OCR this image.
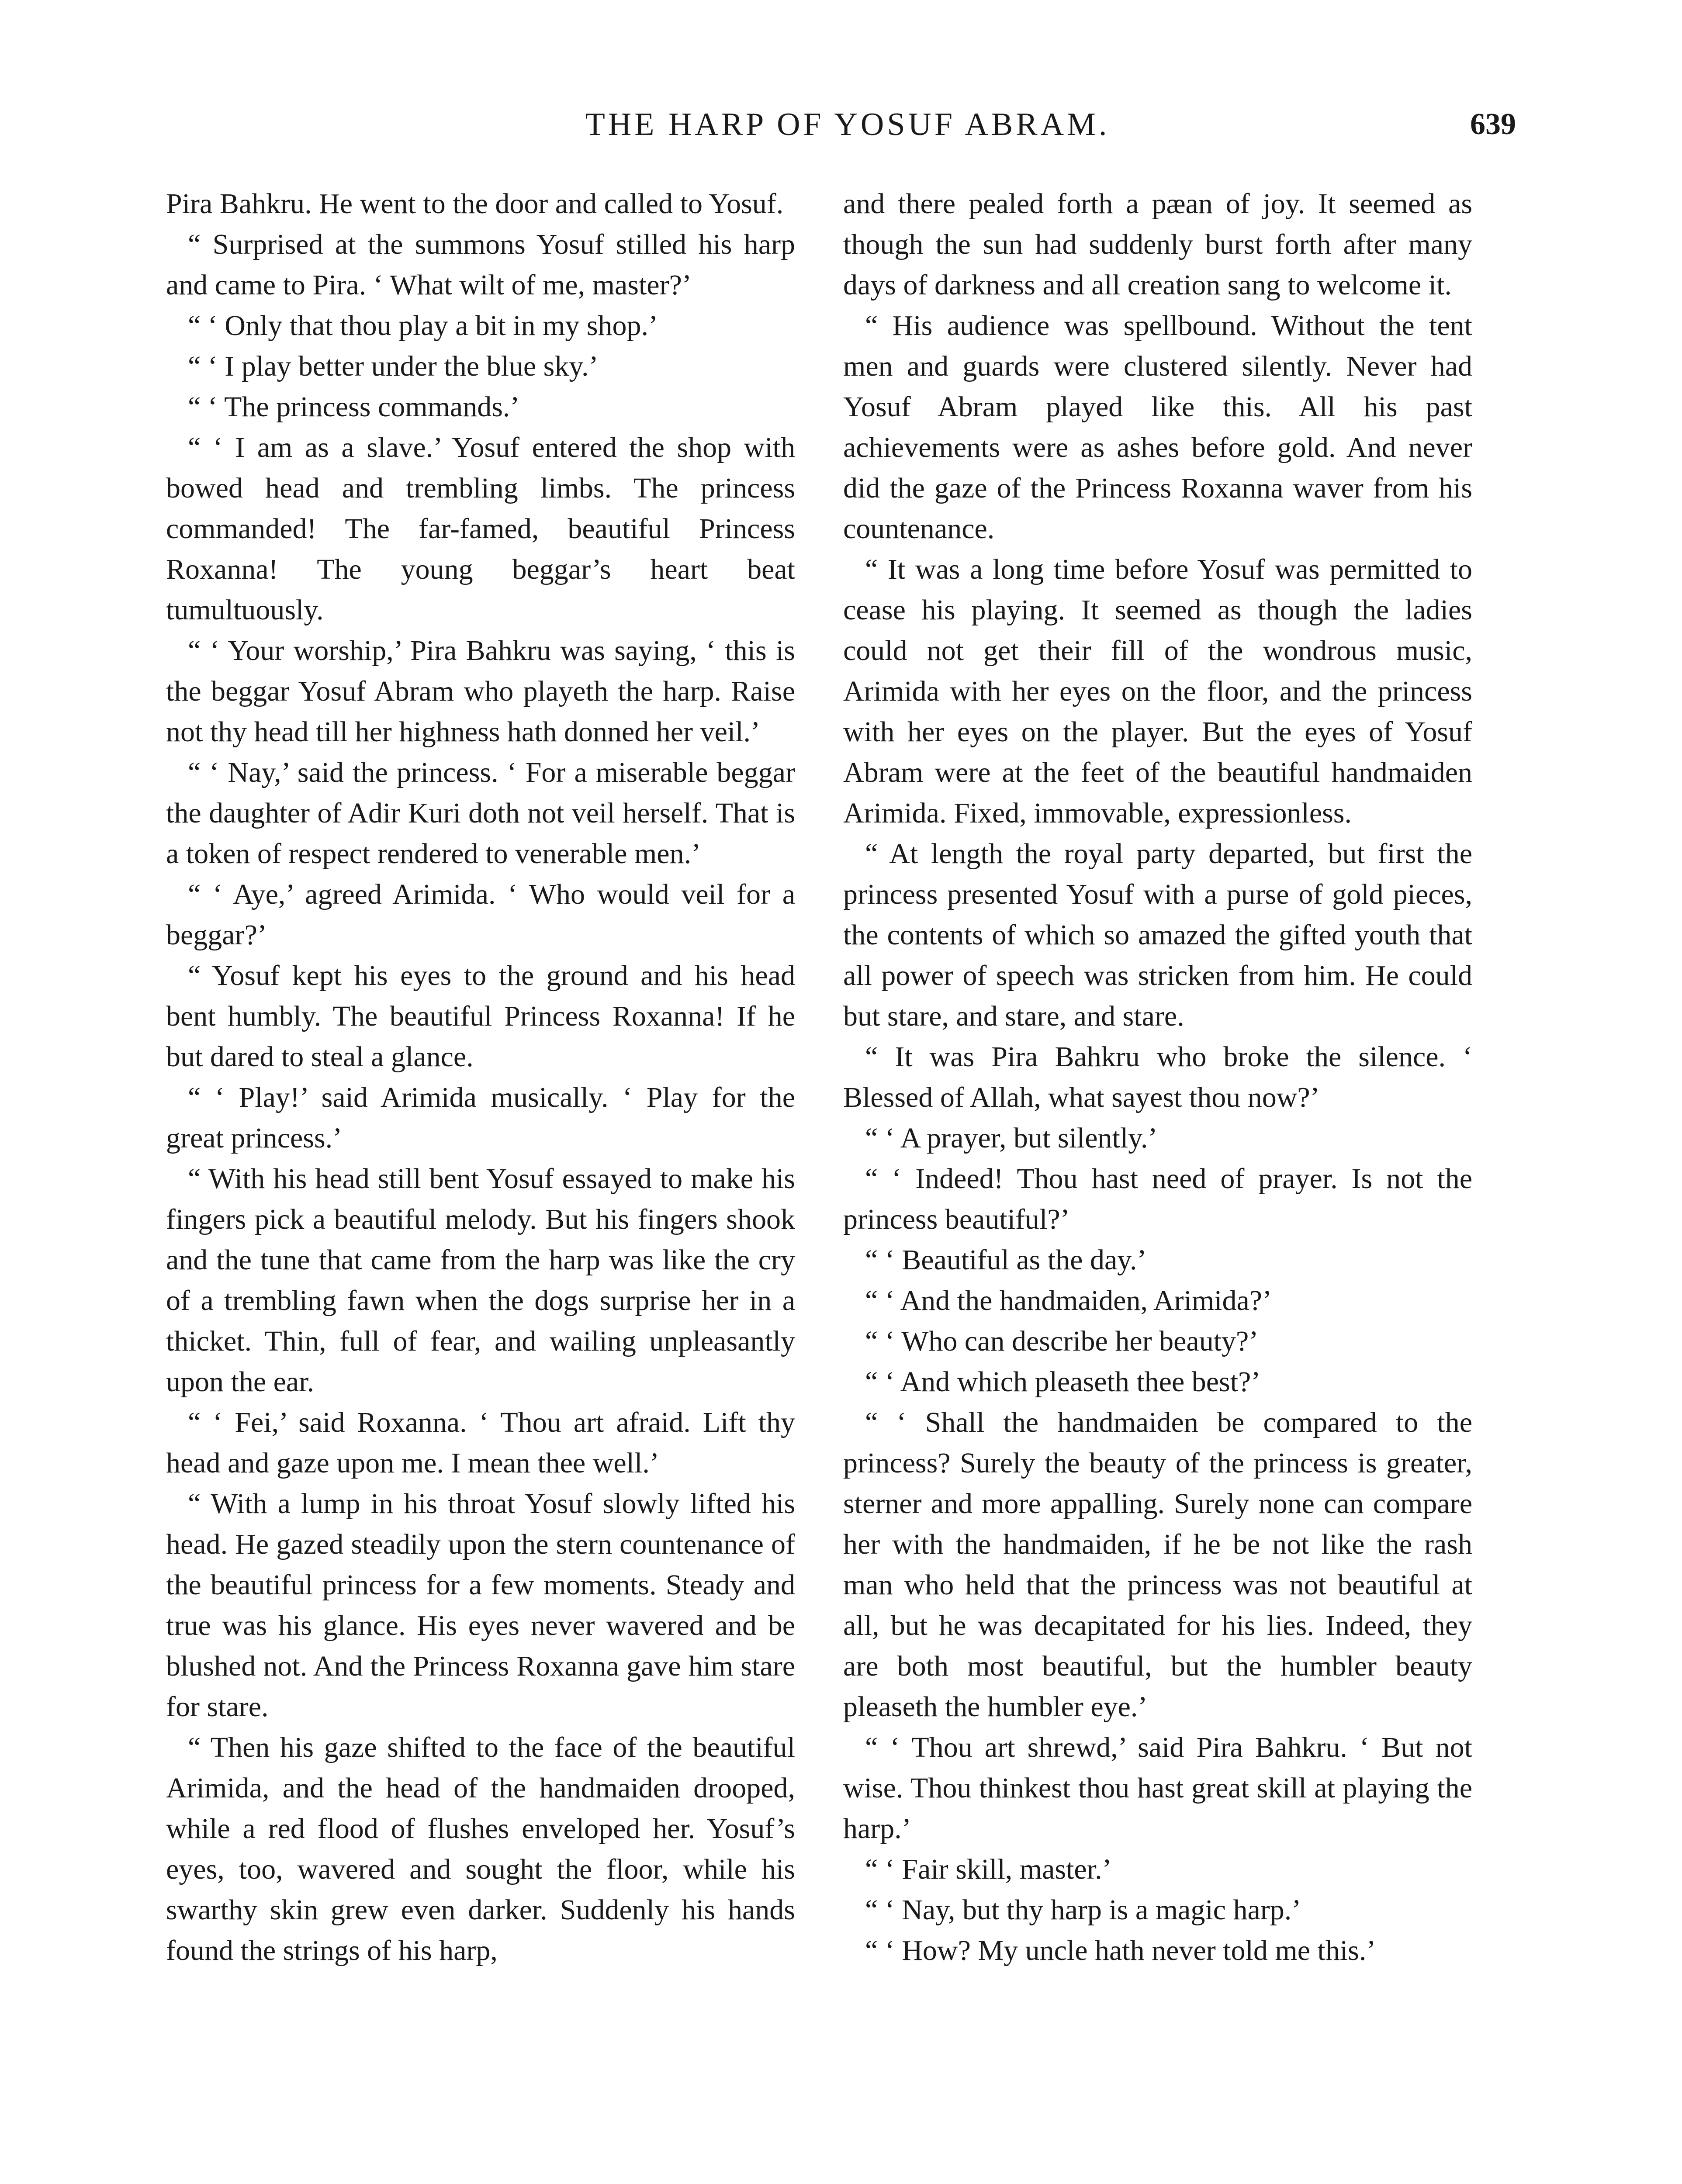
THE HARP OF YOSUF ABRAM.	639

Pira Bahkru. He went to the door and called to Yosuf.

“ Surprised at the summons Yosuf stilled his harp and came to Pira. ‘ What wilt of me, master?’

“ ‘ Only that thou play a bit in my shop.’

“ ‘ I play better under the blue sky.’

“ ‘ The princess commands.’

“ ‘ I am as a slave.’ Yosuf entered the shop with bowed head and trembling limbs. The princess commanded! The far-famed, beautiful Princess Roxanna! The young beggar’s heart beat tumultuously.

“ ‘ Your worship,’ Pira Bahkru was saying, ‘ this is the beggar Yosuf Abram who playeth the harp. Raise not thy head till her highness hath donned her veil.’

“ ‘ Nay,’ said the princess. ‘ For a miserable beggar the daughter of Adir Kuri doth not veil herself. That is a token of respect rendered to venerable men.’

“ ‘ Aye,’ agreed Arimida. ‘ Who would veil for a beggar?’

“ Yosuf kept his eyes to the ground and his head bent humbly. The beautiful Princess Roxanna! If he but dared to steal a glance.

“ ‘ Play!’ said Arimida musically. ‘ Play for the great princess.’

“ With his head still bent Yosuf essayed to make his fingers pick a beautiful melody. But his fingers shook and the tune that came from the harp was like the cry of a trembling fawn when the dogs surprise her in a thicket. Thin, full of fear, and wailing unpleasantly upon the ear.

“ ‘ Fei,’ said Roxanna. ‘ Thou art afraid. Lift thy head and gaze upon me. I mean thee well.’

“ With a lump in his throat Yosuf slowly lifted his head. He gazed steadily upon the stern countenance of the beautiful princess for a few moments. Steady and true was his glance. His eyes never wavered and be blushed not. And the Princess Roxanna gave him stare for stare.

“ Then his gaze shifted to the face of the beautiful Arimida, and the head of the handmaiden drooped, while a red flood of flushes enveloped her. Yosuf’s eyes, too, wavered and sought the floor, while his swarthy skin grew even darker. Suddenly his hands found the strings of his harp,

and there pealed forth a pæan of joy. It seemed as though the sun had suddenly burst forth after many days of darkness and all creation sang to welcome it.

“ His audience was spellbound. Without the tent men and guards were clustered silently. Never had Yosuf Abram played like this. All his past achievements were as ashes before gold. And never did the gaze of the Princess Roxanna waver from his countenance.

“ It was a long time before Yosuf was permitted to cease his playing. It seemed as though the ladies could not get their fill of the wondrous music, Arimida with her eyes on the floor, and the princess with her eyes on the player. But the eyes of Yosuf Abram were at the feet of the beautiful handmaiden Arimida. Fixed, immovable, expressionless.

“ At length the royal party departed, but first the princess presented Yosuf with a purse of gold pieces, the contents of which so amazed the gifted youth that all power of speech was stricken from him. He could but stare, and stare, and stare.

“ It was Pira Bahkru who broke the silence. ‘ Blessed of Allah, what sayest thou now?’

“ ‘ A prayer, but silently.’

“ ‘ Indeed! Thou hast need of prayer. Is not the princess beautiful?’

“ ‘ Beautiful as the day.’

“ ‘ And the handmaiden, Arimida?’

“ ‘ Who can describe her beauty?’

“ ‘ And which pleaseth thee best?’

“ ‘ Shall the handmaiden be compared to the princess? Surely the beauty of the princess is greater, sterner and more appalling. Surely none can compare her with the handmaiden, if he be not like the rash man who held that the princess was not beautiful at all, but he was decapitated for his lies. Indeed, they are both most beautiful, but the humbler beauty pleaseth the humbler eye.’

“ ‘ Thou art shrewd,’ said Pira Bahkru. ‘ But not wise. Thou thinkest thou hast great skill at playing the harp.’

“ ‘ Fair skill, master.’

“ ‘ Nay, but thy harp is a magic harp.’

“ ‘ How? My uncle hath never told me this.’
